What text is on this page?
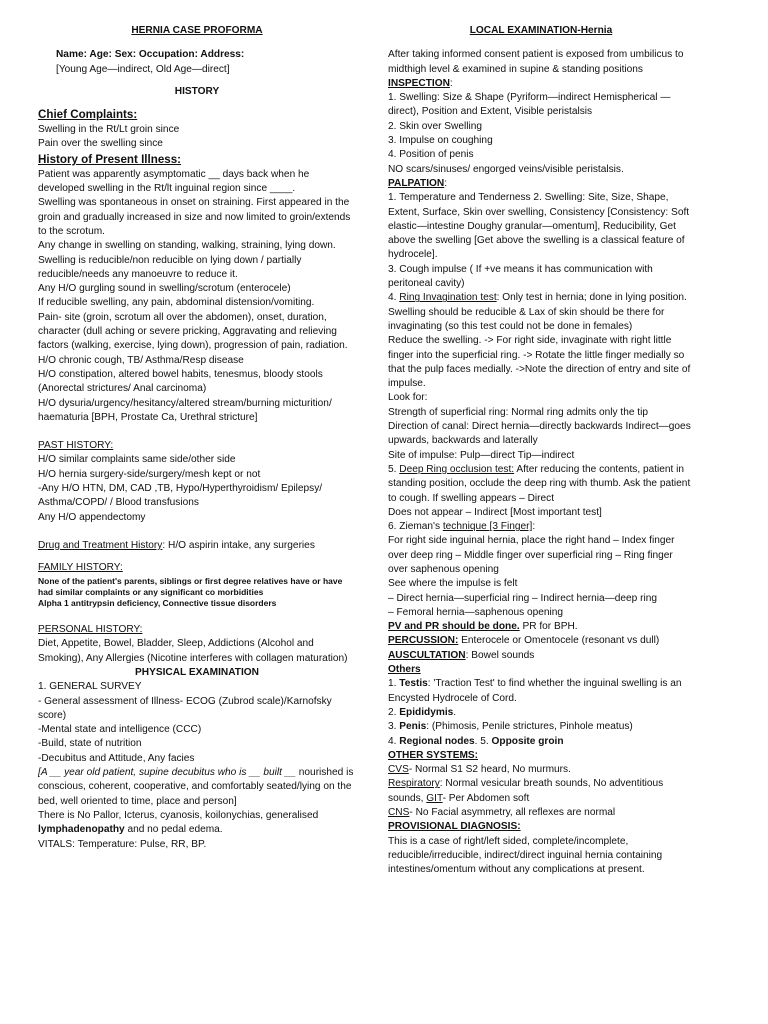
HERNIA CASE PROFORMA

Name: Age: Sex: Occupation: Address:

[Young Age—indirect, Old Age—direct]

HISTORY
Chief Complaints:

Swelling in the Rt/Lt groin since

Pain over the swelling since

History of Present Illness:

Patient was apparently asymptomatic __ days back when he developed swelling in the Rt/lt inguinal region since ____.

Swelling was spontaneous in onset on straining. First appeared in the groin and gradually increased in size and now limited to groin/extends to the scrotum.

Any change in swelling on standing, walking, straining, lying down.

Swelling is reducible/non reducible on lying down / partially reducible/needs any manoeuvre to reduce it.

Any H/O gurgling sound in swelling/scrotum (enterocele)

If reducible swelling, any pain, abdominal distension/vomiting.

Pain- site (groin, scrotum all over the abdomen), onset, duration, character (dull aching or severe pricking, Aggravating and relieving factors (walking, exercise, lying down), progression of pain, radiation.

H/O chronic cough, TB/ Asthma/Resp disease

H/O constipation, altered bowel habits, tenesmus, bloody stools (Anorectal strictures/ Anal carcinoma)

H/O dysuria/urgency/hesitancy/altered stream/burning micturition/ haematuria [BPH, Prostate Ca, Urethral stricture]

PAST HISTORY:

H/O similar complaints same side/other side

H/O hernia surgery-side/surgery/mesh kept or not

-Any H/O HTN, DM, CAD ,TB, Hypo/Hyperthyroidism/ Epilepsy/ Asthma/COPD/ / Blood transfusions

Any H/O appendectomy

Drug and Treatment History: H/O aspirin intake, any surgeries

FAMILY HISTORY:
None of the patient's parents, siblings or first degree relatives have or have had similar complaints or any significant co morbidities
Alpha 1 antitrypsin deficiency, Connective tissue disorders
PERSONAL HISTORY:

Diet, Appetite, Bowel, Bladder, Sleep, Addictions (Alcohol and Smoking), Any Allergies (Nicotine interferes with collagen maturation)

PHYSICAL EXAMINATION

1. GENERAL SURVEY

- General assessment of Illness- ECOG (Zubrod scale)/Karnofsky score)

-Mental state and intelligence (CCC)

-Build, state of nutrition

-Decubitus and Attitude, Any facies

[A __ year old patient, supine decubitus who is __ built __ nourished is conscious, coherent, cooperative, and comfortably seated/lying on the bed, well oriented to time, place and person]

There is No Pallor, Icterus, cyanosis, koilonychias, generalised lymphadenopathy and no pedal edema.

VITALS: Temperature: Pulse, RR, BP.

LOCAL EXAMINATION-Hernia

After taking informed consent patient is exposed from umbilicus to midthigh level & examined in supine & standing positions

INSPECTION:

1. Swelling: Size & Shape (Pyriform—indirect Hemispherical — direct), Position and Extent, Visible peristalsis

2. Skin over Swelling

3. Impulse on coughing

4. Position of penis

NO scars/sinuses/ engorged veins/visible peristalsis.

PALPATION:

1. Temperature and Tenderness 2. Swelling: Site, Size, Shape, Extent, Surface, Skin over swelling, Consistency [Consistency: Soft elastic—intestine Doughy granular—omentum], Reducibility, Get above the swelling [Get above the swelling is a classical feature of hydrocele].

3. Cough impulse ( If +ve means it has communication with peritoneal cavity)

4. Ring Invagination test: Only test in hernia; done in lying position. Swelling should be reducible & Lax of skin should be there for invaginating (so this test could not be done in females)

Reduce the swelling. -> For right side, invaginate with right little finger into the superficial ring. -> Rotate the little finger medially so that the pulp faces medially. ->Note the direction of entry and site of impulse.

Look for:

Strength of superficial ring: Normal ring admits only the tip

Direction of canal: Direct hernia—directly backwards Indirect—goes upwards, backwards and laterally

Site of impulse: Pulp—direct Tip—indirect

5. Deep Ring occlusion test: After reducing the contents, patient in standing position, occlude the deep ring with thumb. Ask the patient to cough. If swelling appears – Direct

Does not appear – Indirect [Most important test]

6. Zieman's technique [3 Finger]:

For right side inguinal hernia, place the right hand – Index finger over deep ring – Middle finger over superficial ring – Ring finger over saphenous opening

See where the impulse is felt

– Direct hernia—superficial ring – Indirect hernia—deep ring

– Femoral hernia—saphenous opening

PV and PR should be done. PR for BPH.

PERCUSSION: Enterocele or Omentocele (resonant vs dull)

AUSCULTATION: Bowel sounds

Others

1. Testis: 'Traction Test' to find whether the inguinal swelling is an Encysted Hydrocele of Cord.

2. Epididymis.

3. Penis: (Phimosis, Penile strictures, Pinhole meatus)

4. Regional nodes. 5. Opposite groin

OTHER SYSTEMS:

CVS- Normal S1 S2 heard, No murmurs.

Respiratory: Normal vesicular breath sounds, No adventitious sounds, GIT- Per Abdomen soft

CNS- No Facial asymmetry, all reflexes are normal

PROVISIONAL DIAGNOSIS:

This is a case of right/left sided, complete/incomplete, reducible/irreducible, indirect/direct inguinal hernia containing intestines/omentum without any complications at present.
